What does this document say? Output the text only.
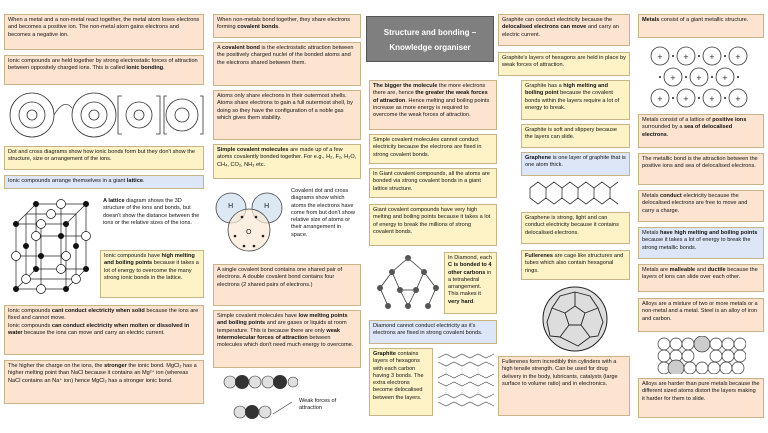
Structure and bonding –
Knowledge organiser
When a metal and a non-metal react together, the metal atom loses electrons and becomes a positive ion. The non-metal atom gains electrons and becomes a negative ion.
Ionic compounds are held together by strong electrostatic forces of attraction between oppositely charged ions. This is called ionic bonding.
Dot and cross diagrams show how ionic bonds form but they don't show the structure, size or arrangement of the ions.
Ionic compounds arrange themselves in a giant lattice.
A lattice diagram shows the 3D structure of the ions and bonds, but doesn't show the distance between the ions or the relative sizes of the ions.
Ionic compounds have high melting and boiling points because it takes a lot of energy to overcome the many strong ionic bonds in the lattice.
Ionic compounds cant conduct electricity when solid because the ions are fixed and cannot move.
Ionic compounds can conduct electricity when molten or dissolved in water because the ions can move and carry an electric current.
The higher the charge on the ions, the stronger the ionic bond. MgCl₂ has a higher melting point than NaCl because it contains an Mg²⁺ ion (whereas NaCl contains an Na⁺ ion) hence MgCl₂ has a stronger ionic bond.
When non-metals bond together, they share electrons forming covalent bonds.
A covalent bond is the electrostatic attraction between the positively charged nuclei of the bonded atoms and the electrons shared between them.
Atoms only share electrons in their outermost shells. Atoms share electrons to gain a full outermost shell, by doing so they have the configuration of a noble gas which gives them stability.
Simple covalent molecules are made up of a few atoms covalently bonded together. For e.g., H₂, F₂, H₂O, CH₄, CO₂, NH₃ etc.
H	H
O
Covalent dot and cross diagrams show which atoms the electrons have come from but don't show relative size of atoms or their arrangement in space.
A single covalent bond contains one shared pair of electrons. A double covalent bond contains four electrons (2 shared pairs of electrons.)
Simple covalent molecules have low melting points and boiling points and are gases or liquids at room temperature. This is because there are only weak intermolecular forces of attraction between molecules which don't need much energy to overcome.
Weak forces of attraction
The bigger the molecule the more electrons there are, hence the greater the weak forces of attraction. Hence melting and boiling points increase as more energy is required to overcome the weak forces of attraction.
Simple covalent molecules cannot conduct electricity because the electrons are fixed in strong covalent bonds.
In Giant covalent compounds, all the atoms are bonded via strong covalent bonds in a giant lattice structure.
Giant covalent compounds have very high melting and boiling points because it takes a lot of energy to break the millions of strong covalent bonds.
In Diamond, each C is bonded to 4 other carbons in a tetrahedral arrangement. This makes it very hard.
Diamond cannot conduct electricity as it's electrons are fixed in strong covalent bonds.
Graphite contains layers of hexagons with each carbon having 3 bonds. The extra electrons become delocalised between the layers.
Graphite can conduct electricity because the delocalised electrons can move and carry an electric current.
Graphite's layers of hexagons are held in place by weak forces of attraction.
Graphite has a high melting and boiling point because the covalent bonds within the layers require a lot of energy to break.
Graphite is soft and slippery because the layers can slide.
Graphene is one layer of graphite that is one atom thick.
Graphene is strong, light and can conduct electricity because it contains delocalised electrons.
Fullerenes are cage like structures and tubes which also contain hexagonal rings.
Fullerenes form incredibly thin cylinders with a high tensile strength. Can be used for drug delivery in the body, lubricants, catalysts (large surface to volume ratio) and in electronics.
Metals consist of a giant metallic structure.
+	+	+	+
+	+	+
+	+	+	+
Metals consist of a lattice of positive ions surrounded by a sea of delocalised electrons.
The metallic bond is the attraction between the positive ions and sea of delocalised electrons.
Metals conduct electricity because the delocalised electrons are free to move and carry a charge.
Metals have high melting and boiling points because it takes a lot of energy to break the strong metallic bonds.
Metals are malleable and ductile because the layers of ions can slide over each other.
Alloys are a mixture of two or more metals or a non-metal and a metal. Steel is an alloy of iron and carbon.
Alloys are harder than pure metals because the different sized atoms distort the layers making it harder for them to slide.
